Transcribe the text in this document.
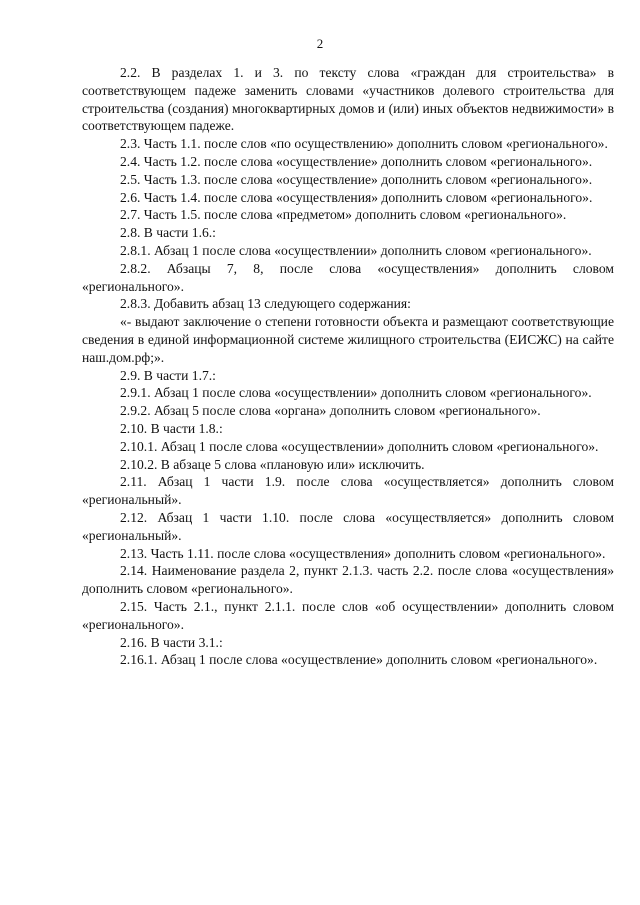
2

2.2. В разделах 1. и 3. по тексту слова «граждан для строительства» в соответствующем падеже заменить словами «участников долевого строительства для строительства (создания) многоквартирных домов и (или) иных объектов недвижимости» в соответствующем падеже.

2.3. Часть 1.1. после слов «по осуществлению» дополнить словом «регионального».

2.4. Часть 1.2. после слова «осуществление» дополнить словом «регионального».

2.5. Часть 1.3. после слова «осуществление» дополнить словом «регионального».

2.6. Часть 1.4. после слова «осуществления» дополнить словом «регионального».

2.7. Часть 1.5. после слова «предметом» дополнить словом «регионального».

2.8. В части 1.6.:

2.8.1. Абзац 1 после слова «осуществлении» дополнить словом «регионального».

2.8.2. Абзацы 7, 8, после слова «осуществления» дополнить словом «регионального».

2.8.3. Добавить абзац 13 следующего содержания:

«- выдают заключение о степени готовности объекта и размещают соответствующие сведения в единой информационной системе жилищного строительства (ЕИСЖС) на сайте наш.дом.рф;».

2.9. В части 1.7.:

2.9.1. Абзац 1 после слова «осуществлении» дополнить словом «регионального».

2.9.2. Абзац 5 после слова «органа» дополнить словом «регионального».

2.10. В части 1.8.:

2.10.1. Абзац 1 после слова «осуществлении» дополнить словом «регионального».

2.10.2. В абзаце 5 слова «плановую или» исключить.

2.11. Абзац 1 части 1.9. после слова «осуществляется» дополнить словом «региональный».

2.12. Абзац 1 части 1.10. после слова «осуществляется» дополнить словом «региональный».

2.13. Часть 1.11. после слова «осуществления» дополнить словом «регионального».

2.14. Наименование раздела 2, пункт 2.1.3. часть 2.2. после слова «осуществления» дополнить словом «регионального».

2.15. Часть 2.1., пункт 2.1.1. после слов «об осуществлении» дополнить словом «регионального».

2.16. В части 3.1.:

2.16.1. Абзац 1 после слова «осуществление» дополнить словом «регионального».
